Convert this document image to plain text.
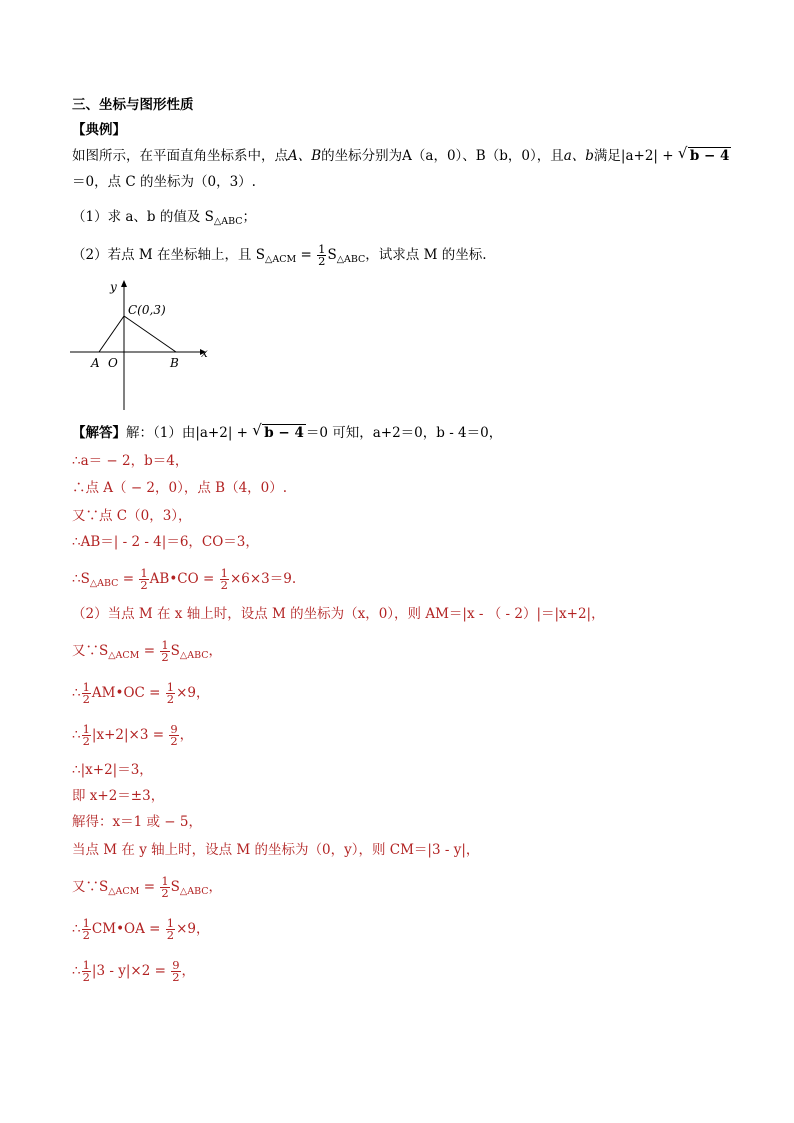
三、坐标与图形性质
【典例】
如图所示，在平面直角坐标系中，点A、B的坐标分别为A（a，0）、B（b，0），且a、b满足|a+2| + √ b − 4
＝0，点 C 的坐标为（0，3）.
（1）求 a、b 的值及 $S_{\triangle ABC}$；
（2）若点 M 在坐标轴上，且 $S_{\triangle ACM} = \frac{1}{2} S_{\triangle ABC}$，试求点 M 的坐标.
y
x
C(0,3)
A O	B
【解答】解：（1）由|a+2| + √ b − 4 ＝0 可知，a+2＝0，b - 4＝0，
∴a＝ − 2，b＝4，
∴点 A（ − 2，0），点 B（4，0）.
又∵点 C（0，3），
∴AB＝| - 2 - 4|＝6，CO＝3，
$\therefore S_{\triangle ABC} = \frac{1}{2}$ AB•CO = $\frac{1}{2} \times 6\times 3=9$.
（2）当点 M 在 x 轴上时，设点 M 的坐标为（x，0），则 AM＝|x - （ - 2）|＝|x+2|，
又$\because S_{\triangle ACM} = \frac{1}{2} S_{\triangle ABC}$，
∴ $\frac{1}{2}$ AM•OC = $\frac{1}{2} \times 9$，
∴ $\frac{1}{2} |x+2|\times 3 = \frac{9}{2}$ ，
∴|x+2|＝3，
即 x+2＝±3，
解得：x＝1 或 − 5，
当点 M 在 y 轴上时，设点 M 的坐标为（0，y），则 CM＝|3 - y|，
又$\because S_{\triangle ACM} = \frac{1}{2} S_{\triangle ABC}$，
∴ $\frac{1}{2}$ CM•OA = $\frac{1}{2} \times 9$，
∴ $\frac{1}{2} |3 - y|\times 2 = \frac{9}{2}$ ，
